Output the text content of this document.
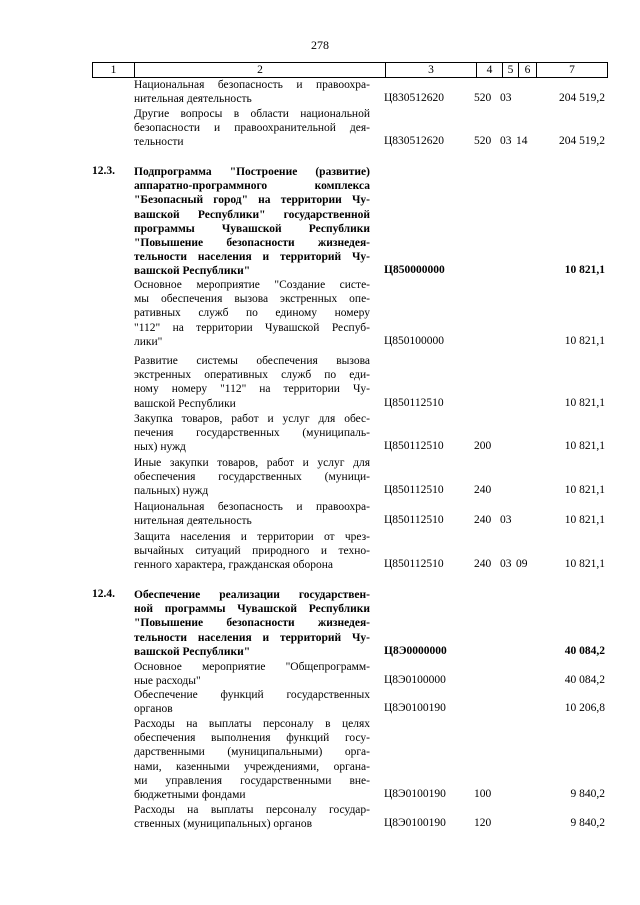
278
1	2	3	4	5 6	7
Национальная безопасность и правоохра-
нительная деятельность	Ц830512620	520 03	204 519,2
Другие вопросы в области национальной
безопасности и правоохранительной дея-
тельности	Ц830512620	520 03 14	204 519,2
12.3. Подпрограмма "Построение (развитие)
аппаратно-программного комплекса
"Безопасный город" на территории Чу-
вашской Республики" государственной
программы Чувашской Республики
"Повышение безопасности жизнедея-
тельности населения и территорий Чу-
вашской Республики"	Ц850000000	10 821,1
Основное мероприятие "Создание систе-
мы обеспечения вызова экстренных опе-
ративных служб по единому номеру
"112" на территории Чувашской Респуб-
лики"	Ц850100000	10 821,1
Развитие системы обеспечения вызова
экстренных оперативных служб по еди-
ному номеру "112" на территории Чу-
вашской Республики	Ц850112510	10 821,1
Закупка товаров, работ и услуг для обес-
печения государственных (муниципаль-
ных) нужд	Ц850112510	200	10 821,1
Иные закупки товаров, работ и услуг для
обеспечения государственных (муници-
пальных) нужд	Ц850112510	240	10 821,1
Национальная безопасность и правоохра-
нительная деятельность	Ц850112510	240 03	10 821,1
Защита населения и территории от чрез-
вычайных ситуаций природного и техно-
генного характера, гражданская оборона	Ц850112510	240 03 09	10 821,1
12.4. Обеспечение реализации государствен-
ной программы Чувашской Республики
"Повышение безопасности жизнедея-
тельности населения и территорий Чу-
вашской Республики"	Ц8Э0000000	40 084,2
Основное мероприятие "Общепрограмм-
ные расходы"	Ц8Э0100000	40 084,2
Обеспечение функций государственных
органов	Ц8Э0100190	10 206,8
Расходы на выплаты персоналу в целях
обеспечения выполнения функций госу-
дарственными (муниципальными) орга-
нами, казенными учреждениями, органа-
ми управления государственными вне-
бюджетными фондами	Ц8Э0100190 100	9 840,2
Расходы на выплаты персоналу государ-
ственных (муниципальных) органов	Ц8Э0100190 120	9 840,2
